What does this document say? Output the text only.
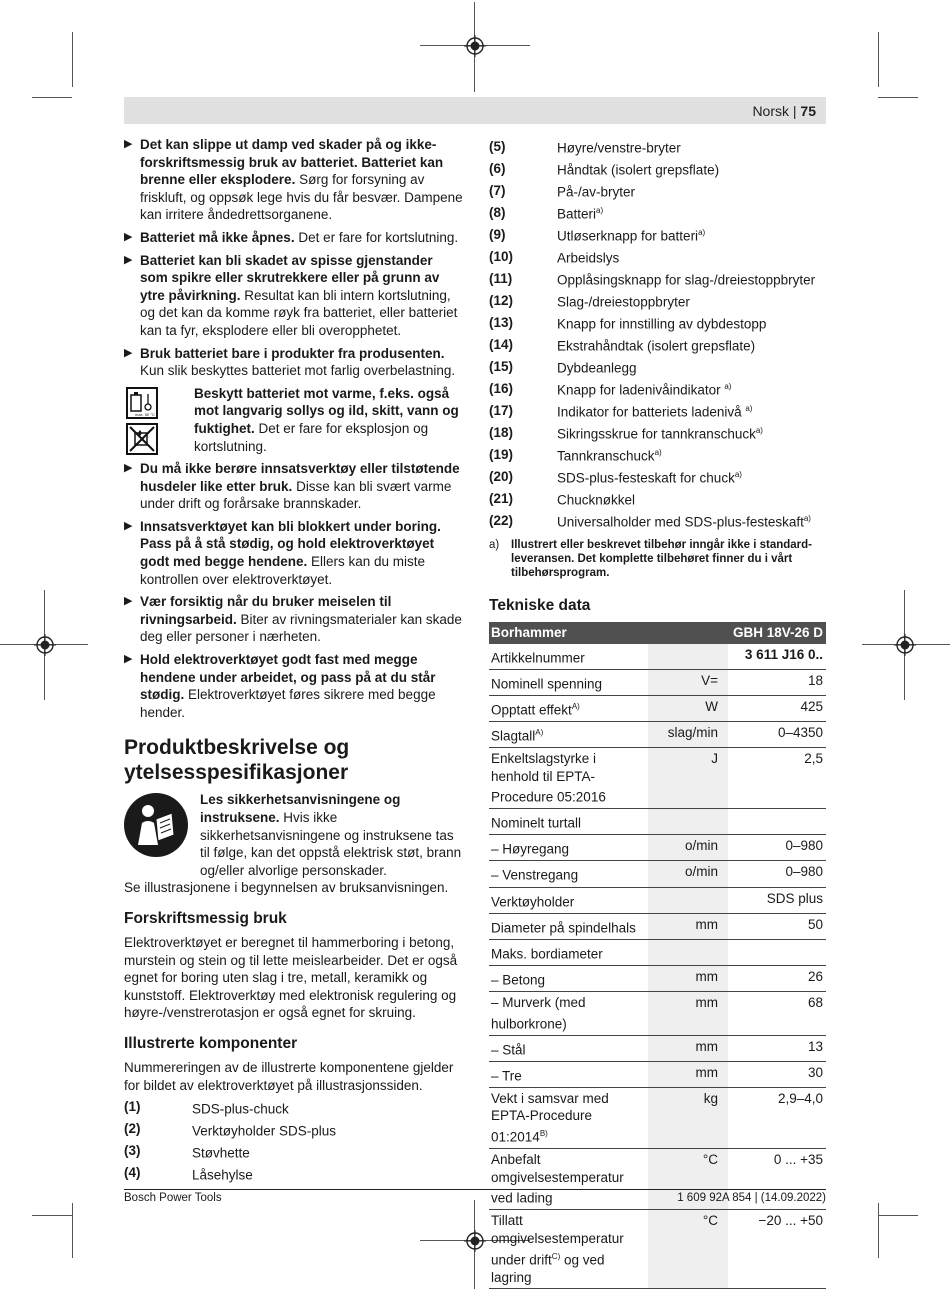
Norsk | 75
▶ Det kan slippe ut damp ved skader på og ikke-forskriftsmessig bruk av batteriet. Batteriet kan brenne eller eksplodere. Sørg for forsyning av friskluft, og oppsøk lege hvis du får besvær. Dampene kan irritere åndedrettsorganene.
▶ Batteriet må ikke åpnes. Det er fare for kortslutning.
▶ Batteriet kan bli skadet av spisse gjenstander som spikre eller skrutrekkere eller på grunn av ytre påvirkning. Resultat kan bli intern kortslutning, og det kan da komme røyk fra batteriet, eller batteriet kan ta fyr, eksplodere eller bli overopphetet.
▶ Bruk batteriet bare i produkter fra produsenten. Kun slik beskyttes batteriet mot farlig overbelastning.
max. 50 °C
Beskytt batteriet mot varme, f.eks. også mot langvarig sollys og ild, skitt, vann og fuktighet. Det er fare for eksplosjon og kortslutning.
▶ Du må ikke berøre innsatsverktøy eller tilstøtende husdeler like etter bruk. Disse kan bli svært varme under drift og forårsake brannskader.
▶ Innsatsverktøyet kan bli blokkert under boring. Pass på å stå stødig, og hold elektroverktøyet godt med begge hendene. Ellers kan du miste kontrollen over elektroverktøyet.
▶ Vær forsiktig når du bruker meiselen til rivningsarbeid. Biter av rivningsmaterialer kan skade deg eller personer i nærheten.
▶ Hold elektroverktøyet godt fast med megge hendene under arbeidet, og pass på at du står stødig. Elektroverktøyet føres sikrere med begge hender.
Produktbeskrivelse og ytelsesspesifikasjoner
Les sikkerhetsanvisningene og instruksene. Hvis ikke sikkerhetsanvisningene og instruksene tas til følge, kan det oppstå elektrisk støt, brann og/eller alvorlige personskader.

Se illustrasjonene i begynnelsen av bruksanvisningen.

Forskriftsmessig bruk

Elektroverktøyet er beregnet til hammerboring i betong, murstein og stein og til lette meislearbeider. Det er også egnet for boring uten slag i tre, metall, keramikk og kunststoff. Elektroverktøy med elektronisk regulering og høyre-/venstrerotasjon er også egnet for skruing.

Illustrerte komponenter

Nummereringen av de illustrerte komponentene gjelder for bildet av elektroverktøyet på illustrasjonssiden.

(1)	SDS-plus-chuck
(2)	Verktøyholder SDS-plus
(3)	Støvhette
(4)	Låsehylse
(5)	Høyre/venstre-bryter
(6)	Håndtak (isolert grepsflate)
(7)	På-/av-bryter
(8)	Batteri$^{a)}$
(9)	Utløserknapp for batteri$^{a)}$
(10)	Arbeidslys
(11)	Opplåsingsknapp for slag-/dreiestoppbryter
(12)	Slag-/dreiestoppbryter
(13)	Knapp for innstilling av dybdestopp
(14)	Ekstrahåndtak (isolert grepsflate)
(15)	Dybdeanlegg
(16)	Knapp for ladenivåindikator $^{a)}$
(17)	Indikator for batteriets ladenivå $^{a)}$
(18)	Sikringsskrue for tannkranschuck$^{a)}$
(19)	Tannkranschuck$^{a)}$
(20)	SDS-plus-festeskaft for chuck$^{a)}$
(21)	Chucknøkkel
(22)	Universalholder med SDS-plus-festeskaft$^{a)}$
a)	Illustrert eller beskrevet tilbehør inngår ikke i standard-leveransen. Det komplette tilbehøret finner du i vårt tilbehørsprogram.
Tekniske data
Borhammer		GBH 18V-26 D
Artikkelnummer		3 611 J16 0..
Nominell spenning	V=	18
Opptatt effekt$^{A)}$	W	425
Slagtall$^{A)}$	slag/min	0–4350
Enkeltslagstyrke i henhold til EPTA-Procedure 05:2016	J	2,5
Nominelt turtall		
– Høyregang	o/min	0–980
– Venstregang	o/min	0–980
Verktøyholder		SDS plus
Diameter på spindelhals	mm	50
Maks. bordiameter		
– Betong	mm	26
– Murverk (med hulborkrone)	mm	68
– Stål	mm	13
– Tre	mm	30
Vekt i samsvar med EPTA-Procedure $01:2014^{B)}$	kg	2,9–4,0
Anbefalt omgivelsestemperatur ved lading	°C	0 ... +35
Tillatt omgivelsestemperatur under drift$^{C)}$ og ved lagring	°C	−20 ... +50
Bosch Power Tools	1 609 92A 854 | (14.09.2022)
